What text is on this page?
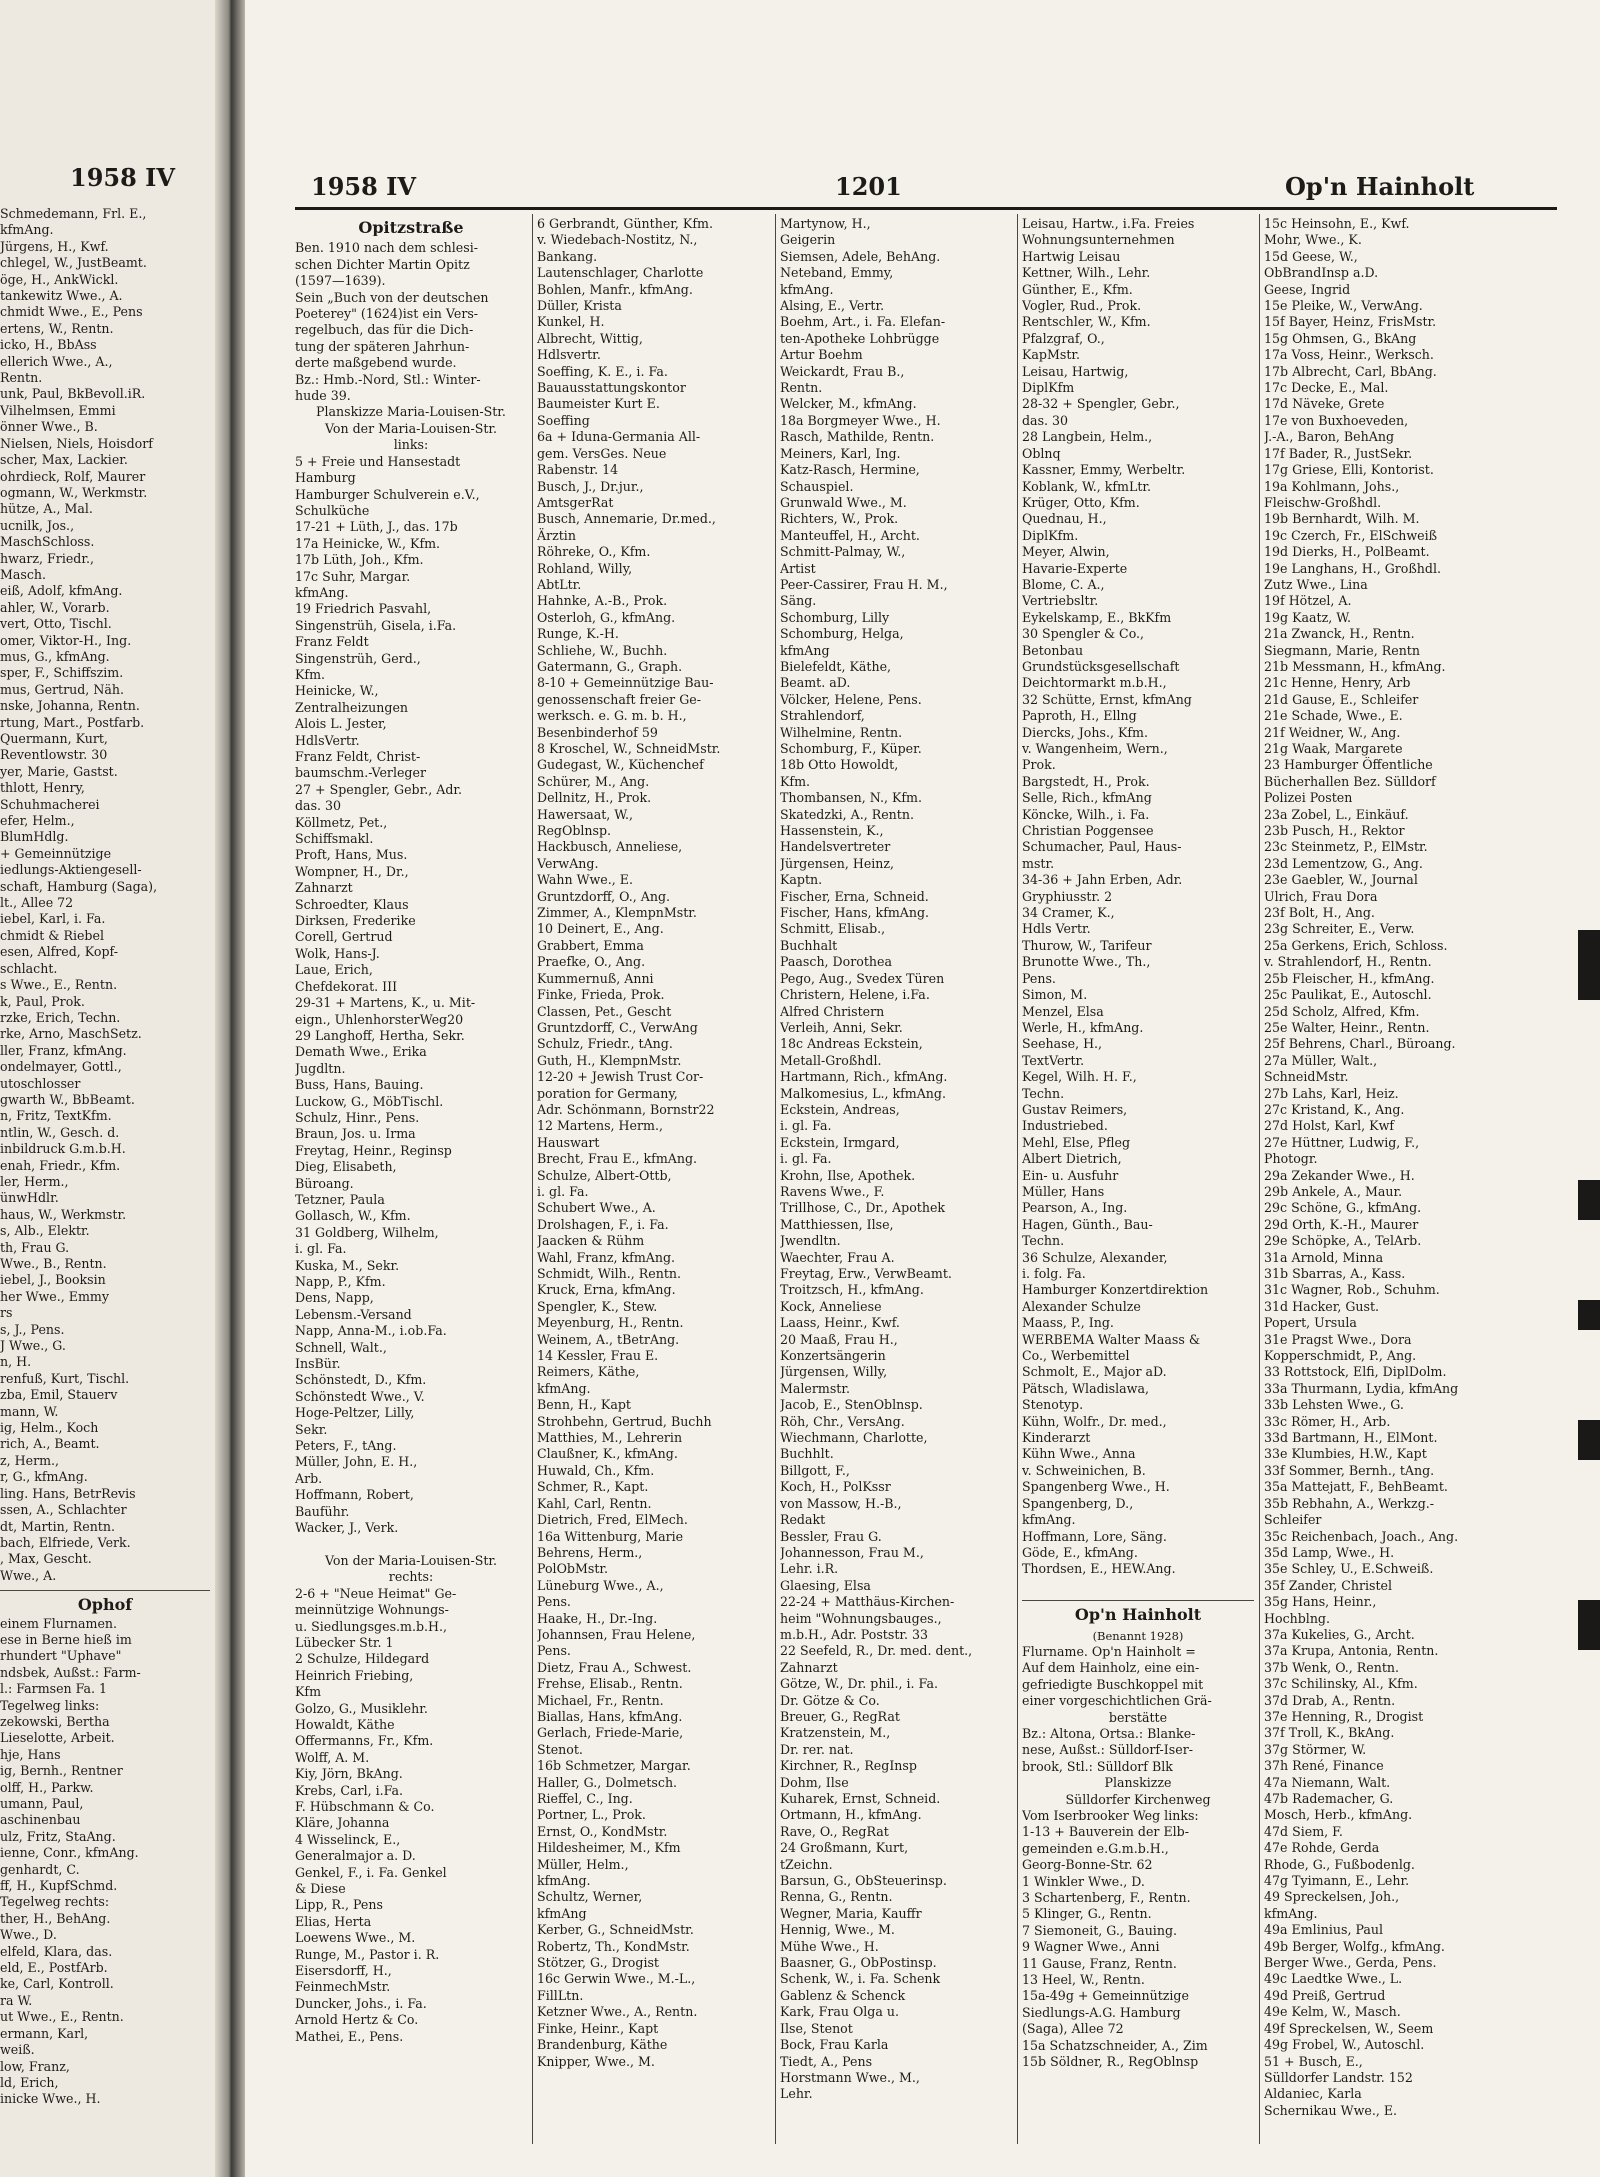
1958 IV
Schmedemann, Frl. E.,
kfmAng.
Jürgens, H., Kwf.
chlegel, W., JustBeamt.
öge, H., AnkWickl.
tankewitz Wwe., A.
chmidt Wwe., E., Pens
ertens, W., Rentn.
icko, H., BbAss
ellerich Wwe., A.,
Rentn.
unk, Paul, BkBevoll.iR.
Vilhelmsen, Emmi
önner Wwe., B.
Nielsen, Niels, Hoisdorf
scher, Max, Lackier.
ohrdieck, Rolf, Maurer
ogmann, W., Werkmstr.
hütze, A., Mal.
ucnilk, Jos.,
MaschSchloss.
hwarz, Friedr.,
Masch.
eiß, Adolf, kfmAng.
ahler, W., Vorarb.
vert, Otto, Tischl.
omer, Viktor-H., Ing.
mus, G., kfmAng.
sper, F., Schiffszim.
mus, Gertrud, Näh.
nske, Johanna, Rentn.
rtung, Mart., Postfarb.
Quermann, Kurt,
Reventlowstr. 30
yer, Marie, Gastst.
thlott, Henry,
Schuhmacherei
efer, Helm.,
BlumHdlg.
+ Gemeinnützige
iedlungs-Aktiengesell-
schaft, Hamburg (Saga),
lt., Allee 72
iebel, Karl, i. Fa.
chmidt & Riebel
esen, Alfred, Kopf-
schlacht.
s Wwe., E., Rentn.
k, Paul, Prok.
rzke, Erich, Techn.
rke, Arno, MaschSetz.
ller, Franz, kfmAng.
ondelmayer, Gottl.,
utoschlosser
gwarth W., BbBeamt.
n, Fritz, TextKfm.
ntlin, W., Gesch. d.
inbildruck G.m.b.H.
enah, Friedr., Kfm.
ler, Herm.,
ünwHdlr.
haus, W., Werkmstr.
s, Alb., Elektr.
th, Frau G.
Wwe., B., Rentn.
iebel, J., Booksin
her Wwe., Emmy
rs
s, J., Pens.
J Wwe., G.
n, H.
renfuß, Kurt, Tischl.
zba, Emil, Stauerv
mann, W.
ig, Helm., Koch
rich, A., Beamt.
z, Herm.,
r, G., kfmAng.
ling. Hans, BetrRevis
ssen, A., Schlachter
dt, Martin, Rentn.
bach, Elfriede, Verk.
, Max, Gescht.
Wwe., A.
Ophof
einem Flurnamen.
ese in Berne hieß im
rhundert "Uphave"
ndsbek, Außst.: Farm-
l.: Farmsen Fa. 1
Tegelweg links:
zekowski, Bertha
Lieselotte, Arbeit.
hje, Hans
ig, Bernh., Rentner
olff, H., Parkw.
umann, Paul,
aschinenbau
ulz, Fritz, StaAng.
ienne, Conr., kfmAng.
genhardt, C.
ff, H., KupfSchmd.
Tegelweg rechts:
ther, H., BehAng.
Wwe., D.
elfeld, Klara, das.
eld, E., PostfArb.
ke, Carl, Kontroll.
ra W.
ut Wwe., E., Rentn.
ermann, Karl,
weiß.
low, Franz,
ld, Erich,
inicke Wwe., H.
1958 IV	1201	Op'n Hainholt
Opitzstraße
Ben. 1910 nach dem schlesi-
schen Dichter Martin Opitz
(1597—1639).
Sein „Buch von der deutschen
Poeterey" (1624)ist ein Vers-
regelbuch, das für die Dich-
tung der späteren Jahrhun-
derte maßgebend wurde.
Bz.: Hmb.-Nord, Stl.: Winter-
hude 39.
Planskizze Maria-Louisen-Str.
Von der Maria-Louisen-Str.
links:
5 + Freie und Hansestadt
Hamburg
Hamburger Schulverein e.V.,
Schulküche
17-21 + Lüth, J., das. 17b
17a Heinicke, W., Kfm.
17b Lüth, Joh., Kfm.
17c Suhr, Margar.
kfmAng.
19 Friedrich Pasvahl,
Singenstrüh, Gisela, i.Fa.
Franz Feldt
Singenstrüh, Gerd.,
Kfm.
Heinicke, W.,
Zentralheizungen
Alois L. Jester,
HdlsVertr.
Franz Feldt, Christ-
baumschm.-Verleger
27 + Spengler, Gebr., Adr.
das. 30
Köllmetz, Pet.,
Schiffsmakl.
Proft, Hans, Mus.
Wompner, H., Dr.,
Zahnarzt
Schroedter, Klaus
Dirksen, Frederike
Corell, Gertrud
Wolk, Hans-J.
Laue, Erich,
Chefdekorat. III
29-31 + Martens, K., u. Mit-
eign., UhlenhorsterWeg20
29 Langhoff, Hertha, Sekr.
Demath Wwe., Erika
Jugdltn.
Buss, Hans, Bauing.
Luckow, G., MöbTischl.
Schulz, Hinr., Pens.
Braun, Jos. u. Irma
Freytag, Heinr., Reginsp
Dieg, Elisabeth,
Büroang.
Tetzner, Paula
Gollasch, W., Kfm.
31 Goldberg, Wilhelm,
i. gl. Fa.
Kuska, M., Sekr.
Napp, P., Kfm.
Dens, Napp,
Lebensm.-Versand
Napp, Anna-M., i.ob.Fa.
Schnell, Walt.,
InsBür.
Schönstedt, D., Kfm.
Schönstedt Wwe., V.
Hoge-Peltzer, Lilly,
Sekr.
Peters, F., tAng.
Müller, John, E. H.,
Arb.
Hoffmann, Robert,
Bauführ.
Wacker, J., Verk.

Von der Maria-Louisen-Str.
rechts:
2-6 + "Neue Heimat" Ge-
meinnützige Wohnungs-
u. Siedlungsges.m.b.H.,
Lübecker Str. 1
2 Schulze, Hildegard
Heinrich Friebing,
Kfm
Golzo, G., Musiklehr.
Howaldt, Käthe
Offermanns, Fr., Kfm.
Wolff, A. M.
Kiy, Jörn, BkAng.
Krebs, Carl, i.Fa.
F. Hübschmann & Co.
Kläre, Johanna
4 Wisselinck, E.,
Generalmajor a. D.
Genkel, F., i. Fa. Genkel
& Diese
Lipp, R., Pens
Elias, Herta
Loewens Wwe., M.
Runge, M., Pastor i. R.
Eisersdorff, H.,
FeinmechMstr.
Duncker, Johs., i. Fa.
Arnold Hertz & Co.
Mathei, E., Pens.
6 Gerbrandt, Günther, Kfm.
v. Wiedebach-Nostitz, N.,
Bankang.
Lautenschlager, Charlotte
Bohlen, Manfr., kfmAng.
Düller, Krista
Kunkel, H.
Albrecht, Wittig,
Hdlsvertr.
Soeffing, K. E., i. Fa.
Bauausstattungskontor
Baumeister Kurt E.
Soeffing
6a + Iduna-Germania All-
gem. VersGes. Neue
Rabenstr. 14
Busch, J., Dr.jur.,
AmtsgerRat
Busch, Annemarie, Dr.med.,
Ärztin
Röhreke, O., Kfm.
Rohland, Willy,
AbtLtr.
Hahnke, A.-B., Prok.
Osterloh, G., kfmAng.
Runge, K.-H.
Schliehe, W., Buchh.
Gatermann, G., Graph.
8-10 + Gemeinnützige Bau-
genossenschaft freier Ge-
werksch. e. G. m. b. H.,
Besenbinderhof 59
8 Kroschel, W., SchneidMstr.
Gudegast, W., Küchenchef
Schürer, M., Ang.
Dellnitz, H., Prok.
Hawersaat, W.,
RegOblnsp.
Hackbusch, Anneliese,
VerwAng.
Wahn Wwe., E.
Gruntzdorff, O., Ang.
Zimmer, A., KlempnMstr.
10 Deinert, E., Ang.
Grabbert, Emma
Praefke, O., Ang.
Kummernuß, Anni
Finke, Frieda, Prok.
Classen, Pet., Gescht
Gruntzdorff, C., VerwAng
Schulz, Friedr., tAng.
Guth, H., KlempnMstr.
12-20 + Jewish Trust Cor-
poration for Germany,
Adr. Schönmann, Bornstr22
12 Martens, Herm.,
Hauswart
Brecht, Frau E., kfmAng.
Schulze, Albert-Ottb,
i. gl. Fa.
Schubert Wwe., A.
Drolshagen, F., i. Fa.
Jaacken & Rühm
Wahl, Franz, kfmAng.
Schmidt, Wilh., Rentn.
Kruck, Erna, kfmAng.
Spengler, K., Stew.
Meyenburg, H., Rentn.
Weinem, A., tBetrAng.
14 Kessler, Frau E.
Reimers, Käthe,
kfmAng.
Benn, H., Kapt
Strohbehn, Gertrud, Buchh
Matthies, M., Lehrerin
Claußner, K., kfmAng.
Huwald, Ch., Kfm.
Schmer, R., Kapt.
Kahl, Carl, Rentn.
Dietrich, Fred, ElMech.
16a Wittenburg, Marie
Behrens, Herm.,
PolObMstr.
Lüneburg Wwe., A.,
Pens.
Haake, H., Dr.-Ing.
Johannsen, Frau Helene,
Pens.
Dietz, Frau A., Schwest.
Frehse, Elisab., Rentn.
Michael, Fr., Rentn.
Biallas, Hans, kfmAng.
Gerlach, Friede-Marie,
Stenot.
16b Schmetzer, Margar.
Haller, G., Dolmetsch.
Rieffel, C., Ing.
Portner, L., Prok.
Ernst, O., KondMstr.
Hildesheimer, M., Kfm
Müller, Helm.,
kfmAng.
Schultz, Werner,
kfmAng
Kerber, G., SchneidMstr.
Robertz, Th., KondMstr.
Stötzer, G., Drogist
16c Gerwin Wwe., M.-L.,
FillLtn.
Ketzner Wwe., A., Rentn.
Finke, Heinr., Kapt
Brandenburg, Käthe
Knipper, Wwe., M.
Martynow, H.,
Geigerin
Siemsen, Adele, BehAng.
Neteband, Emmy,
kfmAng.
Alsing, E., Vertr.
Boehm, Art., i. Fa. Elefan-
ten-Apotheke Lohbrügge
Artur Boehm
Weickardt, Frau B.,
Rentn.
Welcker, M., kfmAng.
18a Borgmeyer Wwe., H.
Rasch, Mathilde, Rentn.
Meiners, Karl, Ing.
Katz-Rasch, Hermine,
Schauspiel.
Grunwald Wwe., M.
Richters, W., Prok.
Manteuffel, H., Archt.
Schmitt-Palmay, W.,
Artist
Peer-Cassirer, Frau H. M.,
Säng.
Schomburg, Lilly
Schomburg, Helga,
kfmAng
Bielefeldt, Käthe,
Beamt. aD.
Völcker, Helene, Pens.
Strahlendorf,
Wilhelmine, Rentn.
Schomburg, F., Küper.
18b Otto Howoldt,
Kfm.
Thombansen, N., Kfm.
Skatedzki, A., Rentn.
Hassenstein, K.,
Handelsvertreter
Jürgensen, Heinz,
Kaptn.
Fischer, Erna, Schneid.
Fischer, Hans, kfmAng.
Schmitt, Elisab.,
Buchhalt
Paasch, Dorothea
Pego, Aug., Svedex Türen
Christern, Helene, i.Fa.
Alfred Christern
Verleih, Anni, Sekr.
18c Andreas Eckstein,
Metall-Großhdl.
Hartmann, Rich., kfmAng.
Malkomesius, L., kfmAng.
Eckstein, Andreas,
i. gl. Fa.
Eckstein, Irmgard,
i. gl. Fa.
Krohn, Ilse, Apothek.
Ravens Wwe., F.
Trillhose, C., Dr., Apothek
Matthiessen, Ilse,
Jwendltn.
Waechter, Frau A.
Freytag, Erw., VerwBeamt.
Troitzsch, H., kfmAng.
Kock, Anneliese
Laass, Heinr., Kwf.
20 Maaß, Frau H.,
Konzertsängerin
Jürgensen, Willy,
Malermstr.
Jacob, E., StenOblnsp.
Röh, Chr., VersAng.
Wiechmann, Charlotte,
Buchhlt.
Billgott, F.,
Koch, H., PolKssr
von Massow, H.-B.,
Redakt
Bessler, Frau G.
Johannesson, Frau M.,
Lehr. i.R.
Glaesing, Elsa
22-24 + Matthäus-Kirchen-
heim "Wohnungsbauges.,
m.b.H., Adr. Poststr. 33
22 Seefeld, R., Dr. med. dent.,
Zahnarzt
Götze, W., Dr. phil., i. Fa.
Dr. Götze & Co.
Breuer, G., RegRat
Kratzenstein, M.,
Dr. rer. nat.
Kirchner, R., RegInsp
Dohm, Ilse
Kuharek, Ernst, Schneid.
Ortmann, H., kfmAng.
Rave, O., RegRat
24 Großmann, Kurt,
tZeichn.
Barsun, G., ObSteuerinsp.
Renna, G., Rentn.
Wegner, Maria, Kauffr
Hennig, Wwe., M.
Mühe Wwe., H.
Baasner, G., ObPostinsp.
Schenk, W., i. Fa. Schenk
Gablenz & Schenck
Kark, Frau Olga u.
Ilse, Stenot
Bock, Frau Karla
Tiedt, A., Pens
Horstmann Wwe., M.,
Lehr.
Leisau, Hartw., i.Fa. Freies
Wohnungsunternehmen
Hartwig Leisau
Kettner, Wilh., Lehr.
Günther, E., Kfm.
Vogler, Rud., Prok.
Rentschler, W., Kfm.
Pfalzgraf, O.,
KapMstr.
Leisau, Hartwig,
DiplKfm
28-32 + Spengler, Gebr.,
das. 30
28 Langbein, Helm.,
Oblnq
Kassner, Emmy, Werbeltr.
Koblank, W., kfmLtr.
Krüger, Otto, Kfm.
Quednau, H.,
DiplKfm.
Meyer, Alwin,
Havarie-Experte
Blome, C. A.,
Vertriebsltr.
Eykelskamp, E., BkKfm
30 Spengler & Co.,
Betonbau
Grundstücksgesellschaft
Deichtormarkt m.b.H.,
32 Schütte, Ernst, kfmAng
Paproth, H., Ellng
Diercks, Johs., Kfm.
v. Wangenheim, Wern.,
Prok.
Bargstedt, H., Prok.
Selle, Rich., kfmAng
Köncke, Wilh., i. Fa.
Christian Poggensee
Schumacher, Paul, Haus-
mstr.
34-36 + Jahn Erben, Adr.
Gryphiusstr. 2
34 Cramer, K.,
Hdls Vertr.
Thurow, W., Tarifeur
Brunotte Wwe., Th.,
Pens.
Simon, M.
Menzel, Elsa
Werle, H., kfmAng.
Seehase, H.,
TextVertr.
Kegel, Wilh. H. F.,
Techn.
Gustav Reimers,
Industriebed.
Mehl, Else, Pfleg
Albert Dietrich,
Ein- u. Ausfuhr
Müller, Hans
Pearson, A., Ing.
Hagen, Günth., Bau-
Techn.
36 Schulze, Alexander,
i. folg. Fa.
Hamburger Konzertdirektion
Alexander Schulze
Maass, P., Ing.
WERBEMA Walter Maass &
Co., Werbemittel
Schmolt, E., Major aD.
Pätsch, Wladislawa,
Stenotyp.
Kühn, Wolfr., Dr. med.,
Kinderarzt
Kühn Wwe., Anna
v. Schweinichen, B.
Spangenberg Wwe., H.
Spangenberg, D.,
kfmAng.
Hoffmann, Lore, Säng.
Göde, E., kfmAng.
Thordsen, E., HEW.Ang.

Op'n Hainholt
(Benannt 1928)
Flurname. Op'n Hainholt =
Auf dem Hainholz, eine ein-
gefriedigte Buschkoppel mit
einer vorgeschichtlichen Grä-
berstätte
Bz.: Altona, Ortsa.: Blanke-
nese, Außst.: Sülldorf-Iser-
brook, Stl.: Sülldorf Blk
Planskizze
Sülldorfer Kirchenweg
Vom Iserbrooker Weg links:
1-13 + Bauverein der Elb-
gemeinden e.G.m.b.H.,
Georg-Bonne-Str. 62
1 Winkler Wwe., D.
3 Schartenberg, F., Rentn.
5 Klinger, G., Rentn.
7 Siemoneit, G., Bauing.
9 Wagner Wwe., Anni
11 Gause, Franz, Rentn.
13 Heel, W., Rentn.
15a-49g + Gemeinnützige
Siedlungs-A.G. Hamburg
(Saga), Allee 72
15a Schatzschneider, A., Zim
15b Söldner, R., RegOblnsp
15c Heinsohn, E., Kwf.
Mohr, Wwe., K.
15d Geese, W.,
ObBrandInsp a.D.
Geese, Ingrid
15e Pleike, W., VerwAng.
15f Bayer, Heinz, FrisMstr.
15g Ohmsen, G., BkAng
17a Voss, Heinr., Werksch.
17b Albrecht, Carl, BbAng.
17c Decke, E., Mal.
17d Näveke, Grete
17e von Buxhoeveden,
J.-A., Baron, BehAng
17f Bader, R., JustSekr.
17g Griese, Elli, Kontorist.
19a Kohlmann, Johs.,
Fleischw-Großhdl.
19b Bernhardt, Wilh. M.
19c Czerch, Fr., ElSchweiß
19d Dierks, H., PolBeamt.
19e Langhans, H., Großhdl.
Zutz Wwe., Lina
19f Hötzel, A.
19g Kaatz, W.
21a Zwanck, H., Rentn.
Siegmann, Marie, Rentn
21b Messmann, H., kfmAng.
21c Henne, Henry, Arb
21d Gause, E., Schleifer
21e Schade, Wwe., E.
21f Weidner, W., Ang.
21g Waak, Margarete
23 Hamburger Öffentliche
Bücherhallen Bez. Sülldorf
Polizei Posten
23a Zobel, L., Einkäuf.
23b Pusch, H., Rektor
23c Steinmetz, P., ElMstr.
23d Lementzow, G., Ang.
23e Gaebler, W., Journal
Ulrich, Frau Dora
23f Bolt, H., Ang.
23g Schreiter, E., Verw.
25a Gerkens, Erich, Schloss.
v. Strahlendorf, H., Rentn.
25b Fleischer, H., kfmAng.
25c Paulikat, E., Autoschl.
25d Scholz, Alfred, Kfm.
25e Walter, Heinr., Rentn.
25f Behrens, Charl., Büroang.
27a Müller, Walt.,
SchneidMstr.
27b Lahs, Karl, Heiz.
27c Kristand, K., Ang.
27d Holst, Karl, Kwf
27e Hüttner, Ludwig, F.,
Photogr.
29a Zekander Wwe., H.
29b Ankele, A., Maur.
29c Schöne, G., kfmAng.
29d Orth, K.-H., Maurer
29e Schöpke, A., TelArb.
31a Arnold, Minna
31b Sbarras, A., Kass.
31c Wagner, Rob., Schuhm.
31d Hacker, Gust.
Popert, Ursula
31e Pragst Wwe., Dora
Kopperschmidt, P., Ang.
33 Rottstock, Elfi, DiplDolm.
33a Thurmann, Lydia, kfmAng
33b Lehsten Wwe., G.
33c Römer, H., Arb.
33d Bartmann, H., ElMont.
33e Klumbies, H.W., Kapt
33f Sommer, Bernh., tAng.
35a Mattejatt, F., BehBeamt.
35b Rebhahn, A., Werkzg.-
Schleifer
35c Reichenbach, Joach., Ang.
35d Lamp, Wwe., H.
35e Schley, U., E.Schweiß.
35f Zander, Christel
35g Hans, Heinr.,
Hochblng.
37a Kukelies, G., Archt.
37a Krupa, Antonia, Rentn.
37b Wenk, O., Rentn.
37c Schilinsky, Al., Kfm.
37d Drab, A., Rentn.
37e Henning, R., Drogist
37f Troll, K., BkAng.
37g Störmer, W.
37h René, Finance
47a Niemann, Walt.
47b Rademacher, G.
Mosch, Herb., kfmAng.
47d Siem, F.
47e Rohde, Gerda
Rhode, G., Fußbodenlg.
47g Tyimann, E., Lehr.
49 Spreckelsen, Joh.,
kfmAng.
49a Emlinius, Paul
49b Berger, Wolfg., kfmAng.
Berger Wwe., Gerda, Pens.
49c Laedtke Wwe., L.
49d Preiß, Gertrud
49e Kelm, W., Masch.
49f Spreckelsen, W., Seem
49g Frobel, W., Autoschl.
51 + Busch, E.,
Sülldorfer Landstr. 152
Aldaniec, Karla
Schernikau Wwe., E.
